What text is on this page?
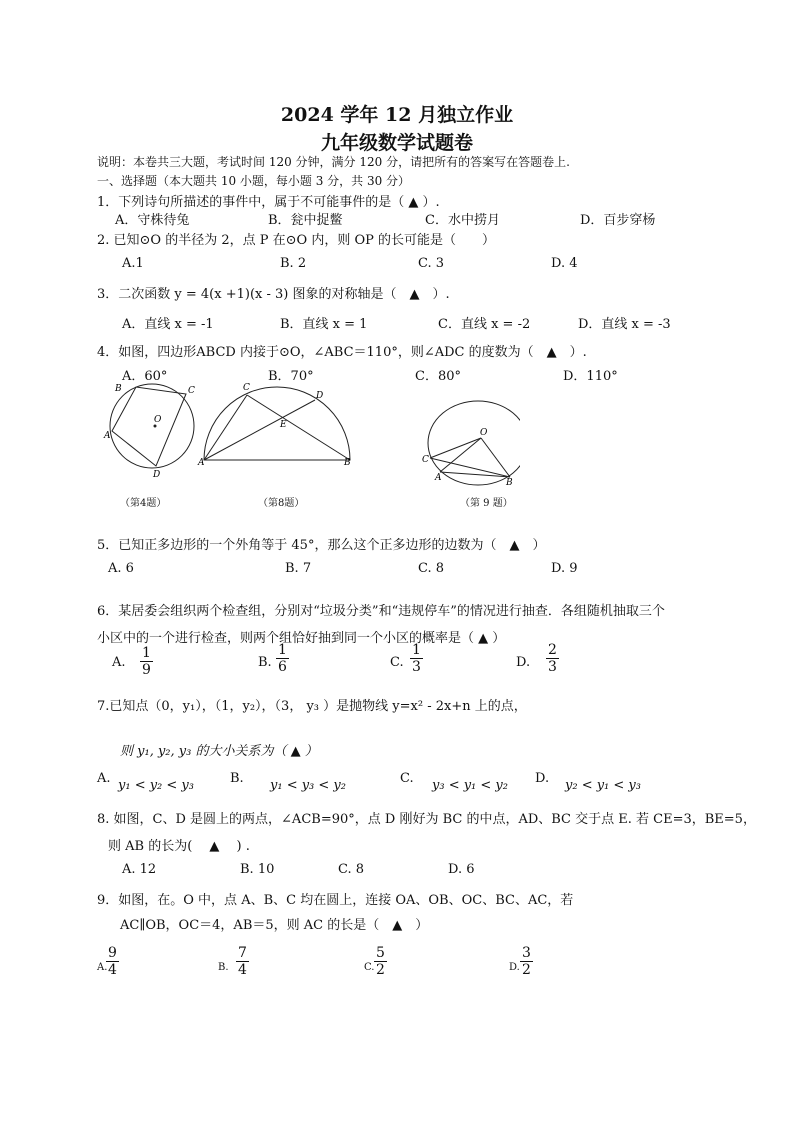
2024 学年 12 月独立作业
九年级数学试题卷
说明：本卷共三大题，考试时间 120 分钟，满分 120 分，请把所有的答案写在答题卷上.
一、选择题（本大题共 10 小题，每小题 3 分，共 30 分）
1．下列诗句所描述的事件中，属于不可能事件的是（ ▲ ）.
A．守株待兔	B．瓮中捉鳖	C．水中捞月	D．百步穿杨
2. 已知⊙O 的半径为 2，点 P 在⊙O 内，则 OP 的长可能是（　　）
A.1	B. 2	C. 3	D. 4
3．二次函数 y = 4(x +1)(x - 3) 图象的对称轴是（　▲　）.
A．直线 x = -1	B．直线 x = 1	C．直线 x = -2	D．直线 x = -3
4．如图，四边形ABCD 内接于⊙O，∠ABC＝110°，则∠ADC 的度数为（　▲　）.
A．60°	B．70°	C．80°	D．110°
B	C
O
A
D
C
D
E
A	B
O
C
A	B
（第4题）	（第8题）	（第 9 题）
5．已知正多边形的一个外角等于 45°，那么这个正多边形的边数为（　▲　）
A. 6	B. 7	C. 8	D. 9
6．某居委会组织两个检查组，分别对“垃圾分类”和“违规停车”的情况进行抽查．各组随机抽取三个
小区中的一个进行检查，则两个组恰好抽到同一个小区的概率是（ ▲ ）
A. $\frac{1}{9}$	B. $\frac{1}{6}$	C. $\frac{1}{3}$	D. $\frac{2}{3}$
7.已知点（0，y₁），（1，y₂），（3， y₃ ）是抛物线 y=x² - 2x+n 上的点，
则 y₁, y₂, y₃ 的大小关系为（ ▲ ）
A. y₁ < y₂ < y₃	B. y₁ < y₃ < y₂	C. y₃ < y₁ < y₂ D. y₂ < y₁ < y₃
8. 如图，C、D 是圆上的两点，∠ACB=90°，点 D 刚好为 BC 的中点，AD、BC 交于点 E. 若 CE=3，BE=5，
则 AB 的长为(　 ▲　 ) .
A. 12	B. 10	C. 8	D. 6
9．如图，在。O 中，点 A、B、C 均在圆上，连接 OA、OB、OC、BC、AC，若
AC∥OB，OC＝4，AB＝5，则 AC 的长是（　▲　）
A.
$\frac{9}{4}$	B. $\frac{7}{4}$	C. $\frac{5}{2}$	D. $\frac{3}{2}$
